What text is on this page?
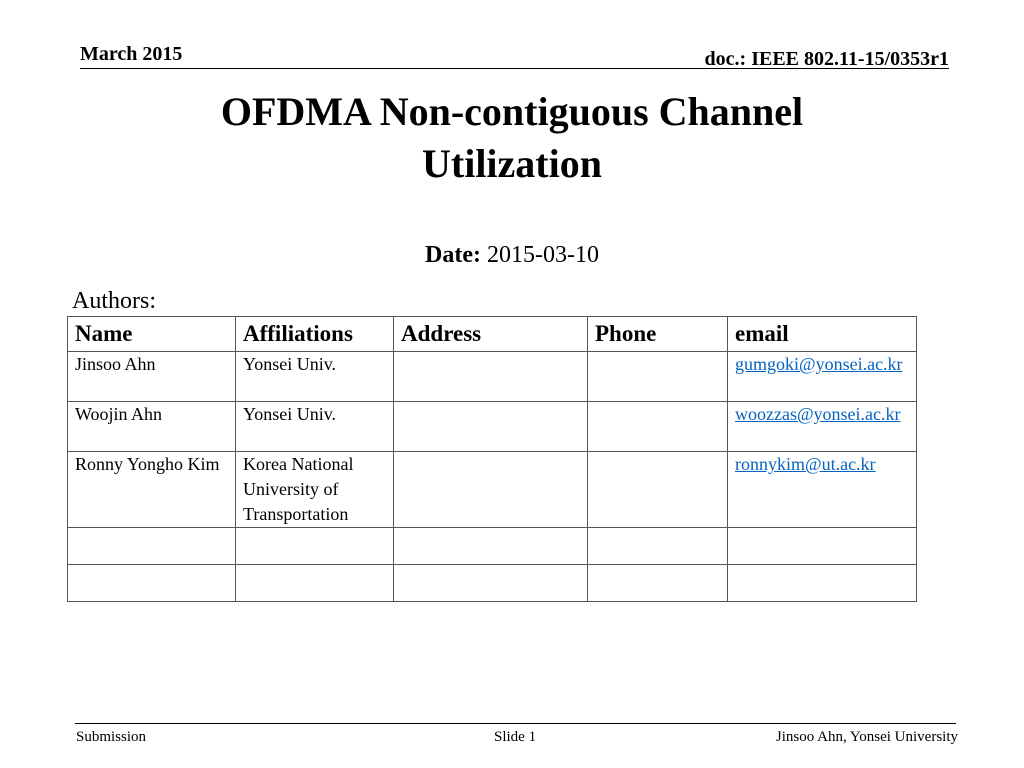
March 2015	doc.: IEEE 802.11-15/0353r1
OFDMA Non-contiguous Channel
Utilization
Date: 2015-03-10
Authors:
Name	Affiliations	Address	Phone	email
Jinsoo Ahn	Yonsei Univ.			gumgoki@yonsei.ac.kr
Woojin Ahn	Yonsei Univ.			woozzas@yonsei.ac.kr
Ronny Yongho Kim	Korea National University of Transportation			ronnykim@ut.ac.kr

Submission	Slide 1	Jinsoo Ahn, Yonsei University
